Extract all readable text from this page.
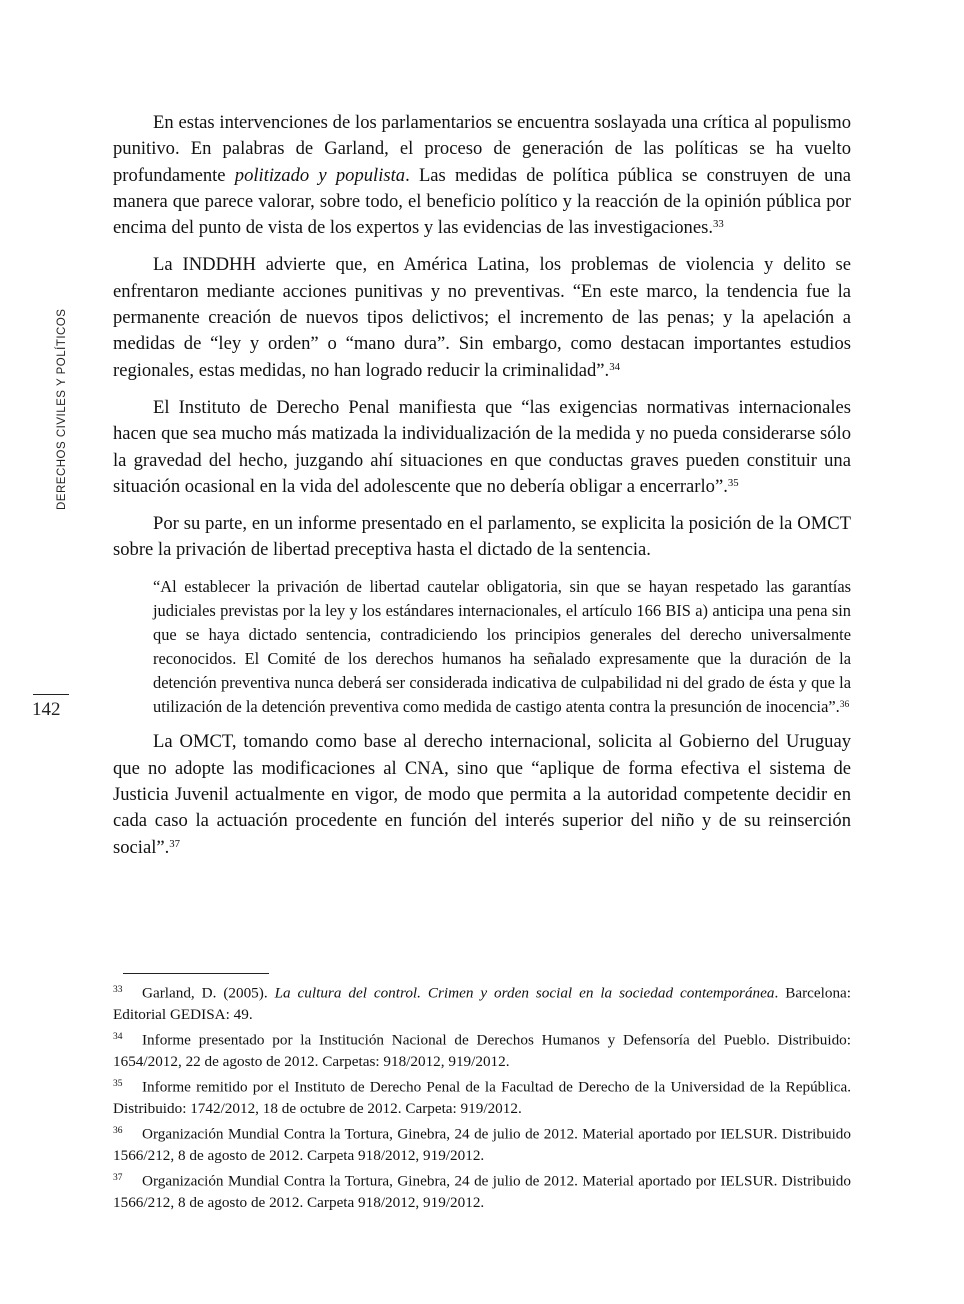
DERECHOS CIVILES Y POLÍTICOS
142

En estas intervenciones de los parlamentarios se encuentra soslayada una crítica al populismo punitivo. En palabras de Garland, el proceso de generación de las políticas se ha vuelto profundamente politizado y populista. Las medidas de política pública se construyen de una manera que parece valorar, sobre todo, el beneficio político y la reacción de la opinión pública por encima del punto de vista de los expertos y las evidencias de las investigaciones.$^{33}$

La INDDHH advierte que, en América Latina, los problemas de violencia y delito se enfrentaron mediante acciones punitivas y no preventivas. “En este marco, la tendencia fue la permanente creación de nuevos tipos delictivos; el incremento de las penas; y la apelación a medidas de “ley y orden” o “mano dura”. Sin embargo, como destacan importantes estudios regionales, estas medidas, no han logrado reducir la criminalidad”.$^{34}$

El Instituto de Derecho Penal manifiesta que “las exigencias normativas internacionales hacen que sea mucho más matizada la individualización de la medida y no pueda considerarse sólo la gravedad del hecho, juzgando ahí situaciones en que conductas graves pueden constituir una situación ocasional en la vida del adolescente que no debería obligar a encerrarlo”.$^{35}$

Por su parte, en un informe presentado en el parlamento, se explicita la posición de la OMCT sobre la privación de libertad preceptiva hasta el dictado de la sentencia.

“Al establecer la privación de libertad cautelar obligatoria, sin que se hayan respetado las garantías judiciales previstas por la ley y los estándares internacionales, el artículo 166 BIS a) anticipa una pena sin que se haya dictado sentencia, contradiciendo los principios generales del derecho universalmente reconocidos. El Comité de los derechos humanos ha señalado expresamente que la duración de la detención preventiva nunca deberá ser considerada indicativa de culpabilidad ni del grado de ésta y que la utilización de la detención preventiva como medida de castigo atenta contra la presunción de inocencia”.$^{36}$

La OMCT, tomando como base al derecho internacional, solicita al Gobierno del Uruguay que no adopte las modificaciones al CNA, sino que “aplique de forma efectiva el sistema de Justicia Juvenil actualmente en vigor, de modo que permita a la autoridad competente decidir en cada caso la actuación procedente en función del interés superior del niño y de su reinserción social”.$^{37}$

33 Garland, D. (2005). La cultura del control. Crimen y orden social en la sociedad contemporánea. Barcelona: Editorial GEDISA: 49.

34 Informe presentado por la Institución Nacional de Derechos Humanos y Defensoría del Pueblo. Distribuido: 1654/2012, 22 de agosto de 2012. Carpetas: 918/2012, 919/2012.

35 Informe remitido por el Instituto de Derecho Penal de la Facultad de Derecho de la Universidad de la República. Distribuido: 1742/2012, 18 de octubre de 2012. Carpeta: 919/2012.

36 Organización Mundial Contra la Tortura, Ginebra, 24 de julio de 2012. Material aportado por IELSUR. Distribuido 1566/212, 8 de agosto de 2012. Carpeta 918/2012, 919/2012.

37 Organización Mundial Contra la Tortura, Ginebra, 24 de julio de 2012. Material aportado por IELSUR. Distribuido 1566/212, 8 de agosto de 2012. Carpeta 918/2012, 919/2012.
